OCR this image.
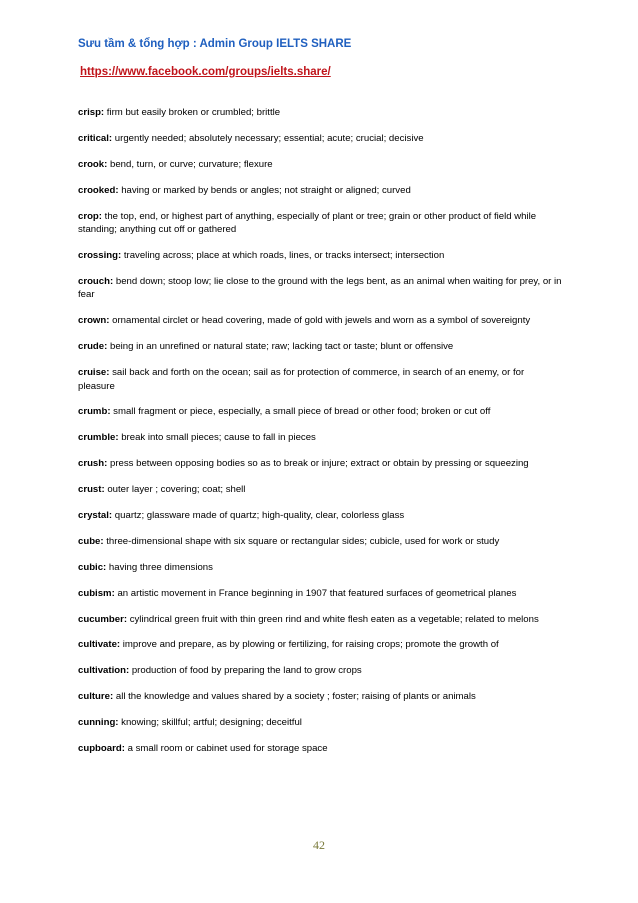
Sưu tầm & tổng hợp : Admin Group IELTS SHARE
https://www.facebook.com/groups/ielts.share/

crisp: firm but easily broken or crumbled; brittle

critical: urgently needed; absolutely necessary; essential; acute; crucial; decisive

crook: bend, turn, or curve; curvature; flexure

crooked: having or marked by bends or angles; not straight or aligned; curved

crop: the top, end, or highest part of anything, especially of plant or tree; grain or other product of field while standing; anything cut off or gathered

crossing: traveling across; place at which roads, lines, or tracks intersect; intersection

crouch: bend down; stoop low; lie close to the ground with the legs bent, as an animal when waiting for prey, or in fear

crown: ornamental circlet or head covering, made of gold with jewels and worn as a symbol of sovereignty

crude: being in an unrefined or natural state; raw; lacking tact or taste; blunt or offensive

cruise: sail back and forth on the ocean; sail as for protection of commerce, in search of an enemy, or for pleasure

crumb: small fragment or piece, especially, a small piece of bread or other food; broken or cut off

crumble: break into small pieces; cause to fall in pieces

crush: press between opposing bodies so as to break or injure; extract or obtain by pressing or squeezing

crust: outer layer ; covering; coat; shell

crystal: quartz; glassware made of quartz; high-quality, clear, colorless glass

cube: three-dimensional shape with six square or rectangular sides; cubicle, used for work or study

cubic: having three dimensions

cubism: an artistic movement in France beginning in 1907 that featured surfaces of geometrical planes

cucumber: cylindrical green fruit with thin green rind and white flesh eaten as a vegetable; related to melons

cultivate: improve and prepare, as by plowing or fertilizing, for raising crops; promote the growth of

cultivation: production of food by preparing the land to grow crops

culture: all the knowledge and values shared by a society ; foster; raising of plants or animals

cunning: knowing; skillful; artful; designing; deceitful

cupboard: a small room or cabinet used for storage space

42
